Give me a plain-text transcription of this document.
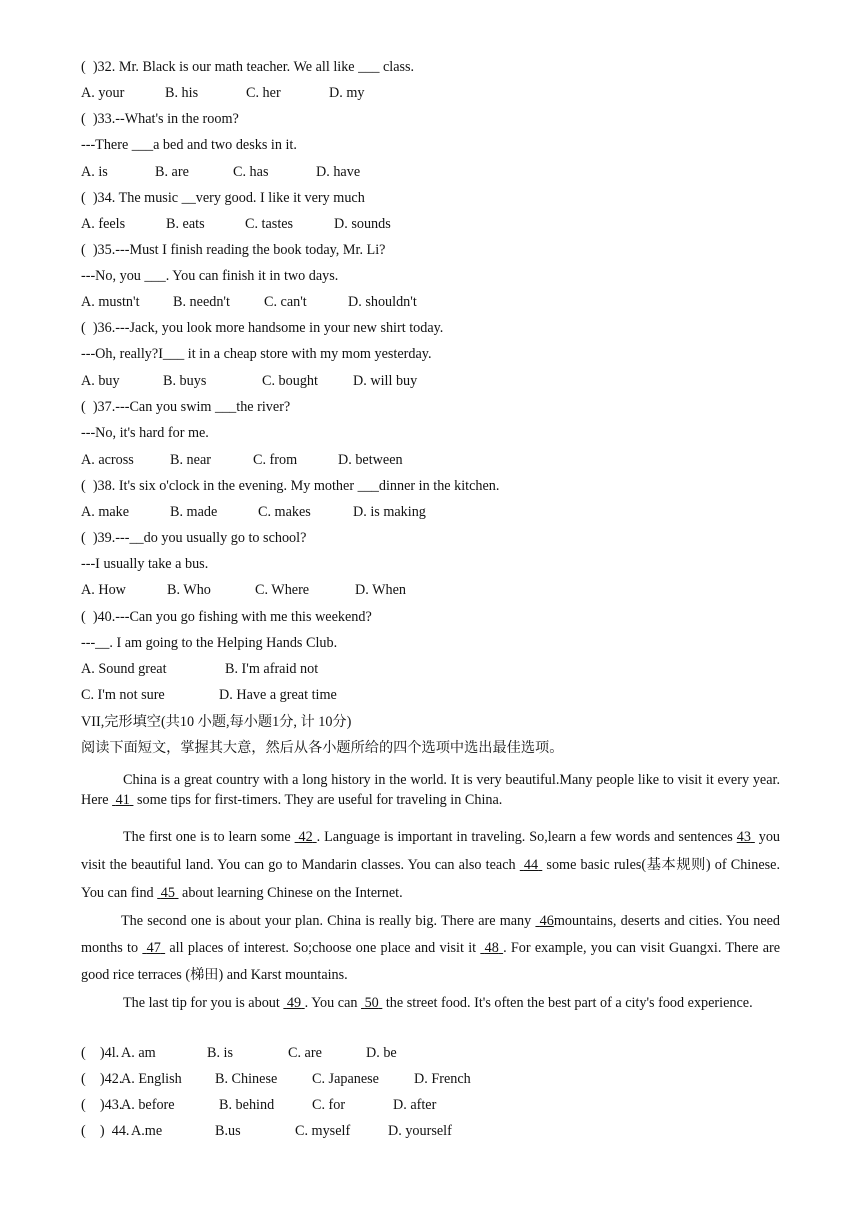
(  )32. Mr. Black is our math teacher. We all like ___ class.
A. your	B. his	C. her	D. my
(  )33.--What's in the room?
---There ___a bed and two desks in it.
A. is	B. are	C. has	D. have
(  )34. The music __very good. I like it very much
A. feels	B. eats	C. tastes	D. sounds
(  )35.---Must I finish reading the book today, Mr. Li?
---No, you ___. You can finish it in two days.
A. mustn't B. needn't C. can't	D. shouldn't
(  )36.---Jack, you look more handsome in your new shirt today.
---Oh, really?I___ it in a cheap store with my mom yesterday.
A. buy	B. buys	C. bought D. will buy
(  )37.---Can you swim ___the river?
---No, it's hard for me.
A. across	B. near	C. from	D. between
(  )38. It's six o'clock in the evening. My mother ___dinner in the kitchen.
A. make	B. made	C. makes	D. is making
(  )39.---__do you usually go to school?
---I usually take a bus.
A. How	B. Who	C. Where	D. When
(  )40.---Can you go fishing with me this weekend?
---__. I am going to the Helping Hands Club.
A. Sound great	B. I'm afraid not
C. I'm not sure	D. Have a great time
VII,完形填空(共10 小题,每小题1分, 计 10分)
阅读下面短文，掌握其大意，然后从各小题所给的四个选项中选出最佳选项。
China is a great country with a long history in the world. It is very beautiful.Many people like to visit it every year. Here  41  some tips for first-timers. They are useful for traveling in China.
The first one is to learn some  42 . Language is important in traveling. So,learn a few words and sentences 43  you visit the beautiful land. You can go to Mandarin classes. You can also teach  44  some basic rules(基本规则) of Chinese. You can find  45  about learning Chinese on the Internet.
The second one is about your plan. China is really big. There are many  46mountains, deserts and cities. You need months to  47  all places of interest. So;choose one place and visit it  48 . For example, you can visit Guangxi. There are good rice terraces (梯田) and Karst mountains.
The last tip for you is about  49 . You can  50  the street food. It's often the best part of a city's food experience.
(    )4l. A. am	B. is	C. are	D. be
(    )42.
A. English B. Chinese C. Japanese D. French
(    )43.
A. before	B. behind	C. for	D. after
(    )  44. A.me	B.us	C. myself	D. yourself
